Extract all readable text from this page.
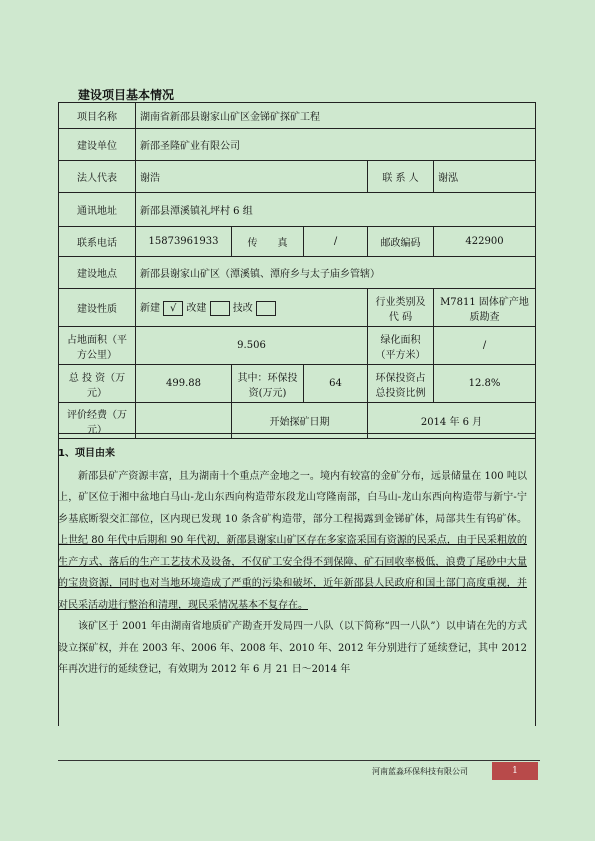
建设项目基本情况
项目名称	湖南省新邵县谢家山矿区金锑矿探矿工程				
建设单位	新邵圣隆矿业有限公司				
法人代表	谢浩			联 系 人	谢泓
通讯地址	新邵县潭溪镇礼坪村 6 组				
联系电话	15873961933	传　　真	/	邮政编码	422900
建设地点	新邵县谢家山矿区（潭溪镇、潭府乡与太子庙乡管辖）				
建设性质	新建 √ 改建 技改			行业类别及 代 码	M7811 固体矿产地质勘查
占地面积（平方公里）	9.506			绿化面积（平方米）	/
总 投 资（万　元）	499.88	其中：环保投资(万元)	64	环保投资占总投资比例	12.8%
评价经费（万　元）		开始探矿日期		2014 年 6 月	

1、项目由来

新邵县矿产资源丰富，且为湖南十个重点产金地之一。境内有较富的金矿分布，远景储量在 100 吨以上，矿区位于湘中盆地白马山-龙山东西向构造带东段龙山穹隆南部，白马山-龙山东西向构造带与新宁-宁乡基底断裂交汇部位，区内现已发现 10 条含矿构造带，部分工程揭露到金锑矿体，局部共生有钨矿体。上世纪 80 年代中后期和 90 年代初，新邵县谢家山矿区存在多家盗采国有资源的民采点，由于民采粗放的生产方式、落后的生产工艺技术及设备，不仅矿工安全得不到保障、矿石回收率极低，浪费了尾砂中大量的宝贵资源，同时也对当地环境造成了严重的污染和破坏，近年新邵县人民政府和国土部门高度重视，并对民采活动进行整治和清理，现民采情况基本不复存在。

该矿区于 2001 年由湖南省地质矿产勘查开发局四一八队（以下简称“四一八队”）以申请在先的方式设立探矿权，并在 2003 年、2006 年、2008 年、2010 年、2012 年分别进行了延续登记，其中 2012 年再次进行的延续登记，有效期为 2012 年 6 月 21 日～2014 年

河南蓝淼环保科技有限公司	1
